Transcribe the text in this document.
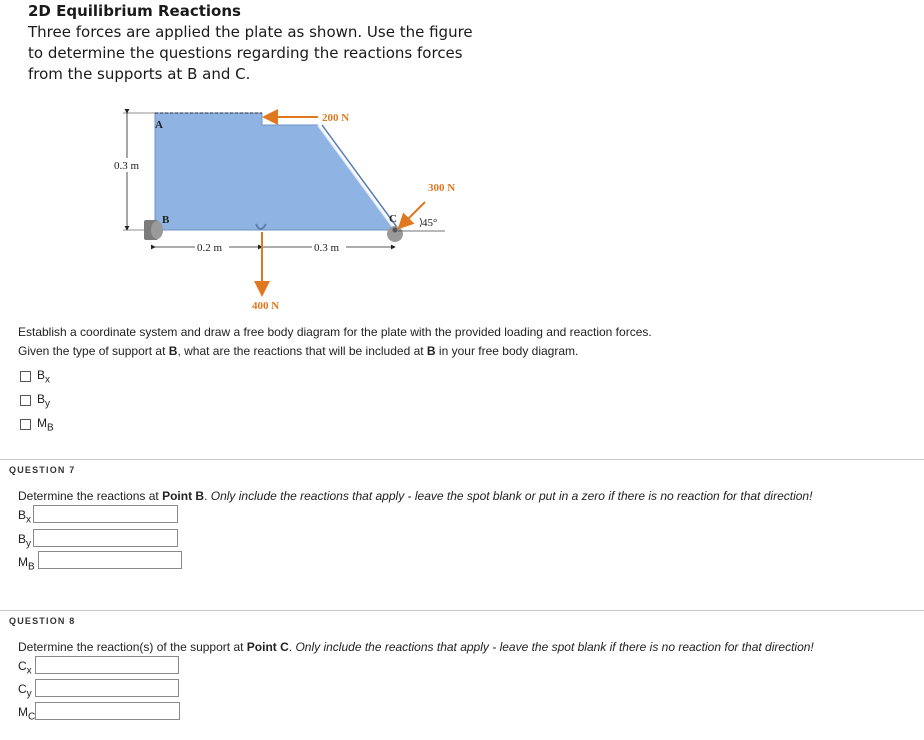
2D Equilibrium Reactions
Three forces are applied the plate as shown. Use the figure to determine the questions regarding the reactions forces from the supports at B and C.
A
B	C
200 N
300 N
400 N
45°
0.3 m
0.2 m	0.3 m
Establish a coordinate system and draw a free body diagram for the plate with the provided loading and reaction forces.
Given the type of support at B, what are the reactions that will be included at B in your free body diagram.
$B_x$
$B_y$
$M_B$
QUESTION 7
Determine the reactions at Point B. Only include the reactions that apply - leave the spot blank or put in a zero if there is no reaction for that direction!
$B_x$
$B_y$
$M_B$
QUESTION 8
Determine the reaction(s) of the support at Point C. Only include the reactions that apply - leave the spot blank if there is no reaction for that direction!
$C_x$
$C_y$
$M_C$
